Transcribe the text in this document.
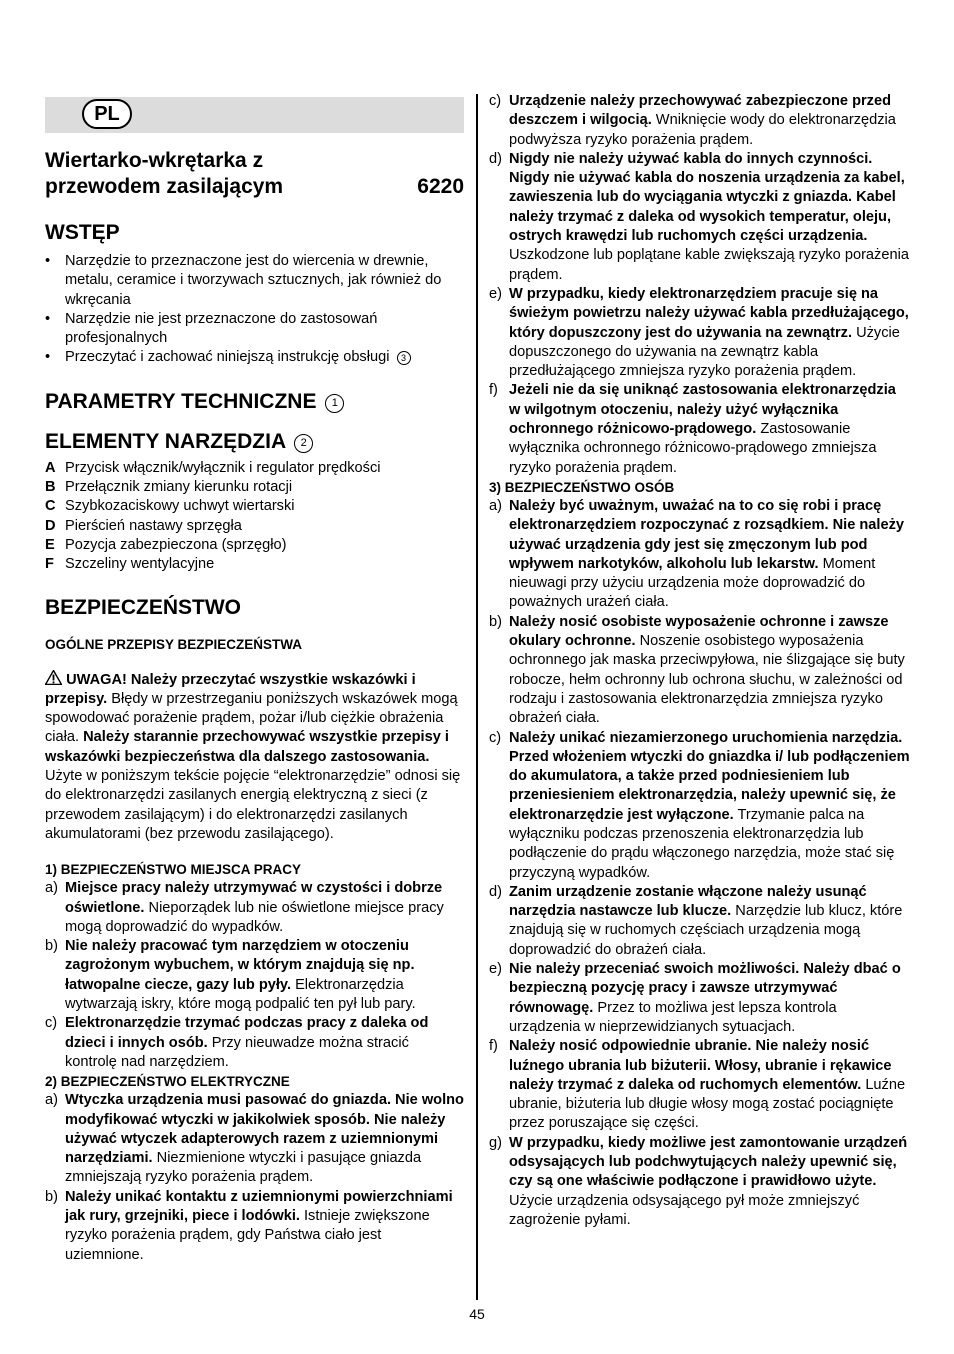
PL
Wiertarko-wkrętarka z
przewodem zasilającym	6220
WSTĘP
• Narzędzie to przeznaczone jest do wiercenia w drewnie, metalu, ceramice i tworzywach sztucznych, jak również do wkręcania
• Narzędzie nie jest przeznaczone do zastosowań profesjonalnych
• Przeczytać i zachować niniejszą instrukcję obsługi 3
PARAMETRY TECHNICZNE 1
ELEMENTY NARZĘDZIA 2
A Przycisk włącznik/wyłącznik i regulator prędkości
B Przełącznik zmiany kierunku rotacji
C Szybkozaciskowy uchwyt wiertarski
D Pierścień nastawy sprzęgła
E Pozycja zabezpieczona (sprzęgło)
F Szczeliny wentylacyjne
BEZPIECZEŃSTWO
OGÓLNE PRZEPISY BEZPIECZEŃSTWA

UWAGA! Należy przeczytać wszystkie wskazówki i przepisy. Błędy w przestrzeganiu poniższych wskazówek mogą spowodować porażenie prądem, pożar i/lub ciężkie obrażenia ciała. Należy starannie przechowywać wszystkie przepisy i wskazówki bezpieczeństwa dla dalszego zastosowania. Użyte w poniższym tekście pojęcie “elektronarzędzie” odnosi się do elektronarzędzi zasilanych energią elektryczną z sieci (z przewodem zasilającym) i do elektronarzędzi zasilanych akumulatorami (bez przewodu zasilającego).

1) BEZPIECZEŃSTWO MIEJSCA PRACY
a) Miejsce pracy należy utrzymywać w czystości i dobrze oświetlone. Nieporządek lub nie oświetlone miejsce pracy mogą doprowadzić do wypadków.
b) Nie należy pracować tym narzędziem w otoczeniu zagrożonym wybuchem, w którym znajdują się np. łatwopalne ciecze, gazy lub pyły. Elektronarzędzia wytwarzają iskry, które mogą podpalić ten pył lub pary.
c) Elektronarzędzie trzymać podczas pracy z daleka od dzieci i innych osób. Przy nieuwadze można stracić kontrolę nad narzędziem.
2) BEZPIECZEŃSTWO ELEKTRYCZNE
a) Wtyczka urządzenia musi pasować do gniazda. Nie wolno modyfikować wtyczki w jakikolwiek sposób. Nie należy używać wtyczek adapterowych razem z uziemnionymi narzędziami. Niezmienione wtyczki i pasujące gniazda zmniejszają ryzyko porażenia prądem.
b) Należy unikać kontaktu z uziemnionymi powierzchniami jak rury, grzejniki, piece i lodówki. Istnieje zwiększone ryzyko porażenia prądem, gdy Państwa ciało jest uziemnione.
c) Urządzenie należy przechowywać zabezpieczone przed deszczem i wilgocią. Wniknięcie wody do elektronarzędzia podwyższa ryzyko porażenia prądem.
d) Nigdy nie należy używać kabla do innych czynności. Nigdy nie używać kabla do noszenia urządzenia za kabel, zawieszenia lub do wyciągania wtyczki z gniazda. Kabel należy trzymać z daleka od wysokich temperatur, oleju, ostrych krawędzi lub ruchomych części urządzenia. Uszkodzone lub poplątane kable zwiększają ryzyko porażenia prądem.
e) W przypadku, kiedy elektronarzędziem pracuje się na świeżym powietrzu należy używać kabla przedłużającego, który dopuszczony jest do używania na zewnątrz. Użycie dopuszczonego do używania na zewnątrz kabla przedłużającego zmniejsza ryzyko porażenia prądem.
f) Jeżeli nie da się uniknąć zastosowania elektronarzędzia w wilgotnym otoczeniu, należy użyć wyłącznika ochronnego różnicowo-prądowego. Zastosowanie wyłącznika ochronnego różnicowo-prądowego zmniejsza ryzyko porażenia prądem.
3) BEZPIECZEŃSTWO OSÓB
a) Należy być uważnym, uważać na to co się robi i pracę elektronarzędziem rozpoczynać z rozsądkiem. Nie należy używać urządzenia gdy jest się zmęczonym lub pod wpływem narkotyków, alkoholu lub lekarstw. Moment nieuwagi przy użyciu urządzenia może doprowadzić do poważnych urażeń ciała.
b) Należy nosić osobiste wyposażenie ochronne i zawsze okulary ochronne. Noszenie osobistego wyposażenia ochronnego jak maska przeciwpyłowa, nie ślizgające się buty robocze, hełm ochronny lub ochrona słuchu, w zależności od rodzaju i zastosowania elektronarzędzia zmniejsza ryzyko obrażeń ciała.
c) Należy unikać niezamierzonego uruchomienia narzędzia. Przed włożeniem wtyczki do gniazdka i/ lub podłączeniem do akumulatora, a także przed podniesieniem lub przeniesieniem elektronarzędzia, należy upewnić się, że elektronarzędzie jest wyłączone. Trzymanie palca na wyłączniku podczas przenoszenia elektronarzędzia lub podłączenie do prądu włączonego narzędzia, może stać się przyczyną wypadków.
d) Zanim urządzenie zostanie włączone należy usunąć narzędzia nastawcze lub klucze. Narzędzie lub klucz, które znajdują się w ruchomych częściach urządzenia mogą doprowadzić do obrażeń ciała.
e) Nie należy przeceniać swoich możliwości. Należy dbać o bezpieczną pozycję pracy i zawsze utrzymywać równowagę. Przez to możliwa jest lepsza kontrola urządzenia w nieprzewidzianych sytuacjach.
f) Należy nosić odpowiednie ubranie. Nie należy nosić luźnego ubrania lub biżuterii. Włosy, ubranie i rękawice należy trzymać z daleka od ruchomych elementów. Luźne ubranie, biżuteria lub długie włosy mogą zostać pociągnięte przez poruszające się części.
g) W przypadku, kiedy możliwe jest zamontowanie urządzeń odsysających lub podchwytujących należy upewnić się, czy są one właściwie podłączone i prawidłowo użyte. Użycie urządzenia odsysającego pył może zmniejszyć zagrożenie pyłami.
45
